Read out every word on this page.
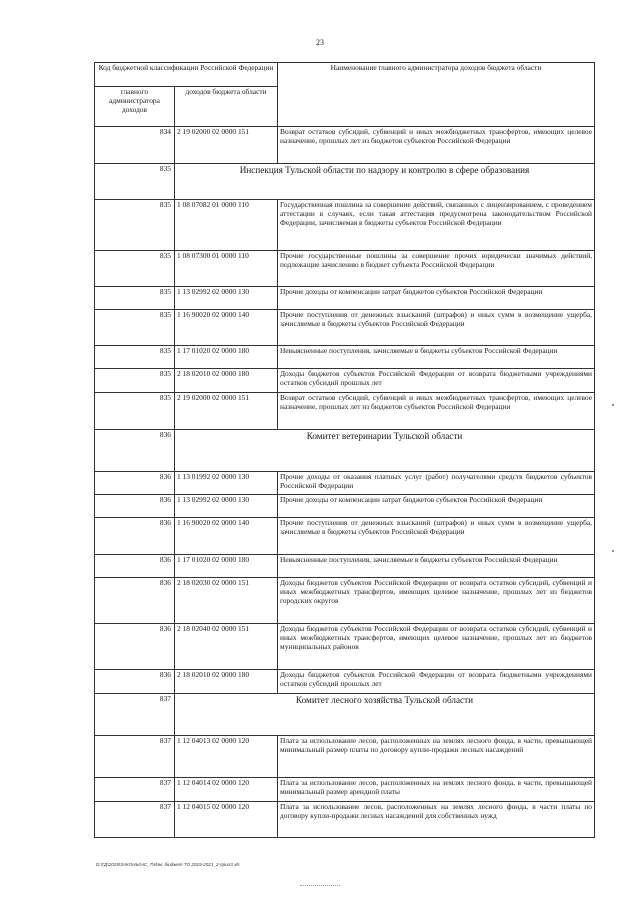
23
Код бюджетной классификации Российской Федерации		Наименование главного администратора доходов бюджета области
главного администратора доходов	доходов бюджета области	
834	2 19 02000 02 0000 151	Возврат остатков субсидий, субвенций и иных межбюджетных трансфертов, имеющих целевое назначение, прошлых лет из бюджетов субъектов Российской Федерации
835	Инспекция Тульской области по надзору и контролю в сфере образования	
835	1 08 07082 01 0000 110	Государственная пошлина за совершение действий, связанных с лицензированием, с проведением аттестации в случаях, если такая аттестация предусмотрена законодательством Российской Федерации, зачисляемая в бюджеты субъектов Российской Федерации
835	1 08 07300 01 0000 110	Прочие государственные пошлины за совершение прочих юридически значимых действий, подлежащие зачислению в бюджет субъекта Российской Федерации
835	1 13 02992 02 0000 130	Прочие доходы от компенсации затрат бюджетов субъектов Российской Федерации
835	1 16 90020 02 0000 140	Прочие поступления от денежных взысканий (штрафов) и иных сумм в возмещение ущерба, зачисляемые в бюджеты субъектов Российской Федерации
835	1 17 01020 02 0000 180	Невыясненные поступления, зачисляемые в бюджеты субъектов Российской Федерации
835	2 18 02010 02 0000 180	Доходы бюджетов субъектов Российской Федерации от возврата бюджетными учреждениями остатков субсидий прошлых лет
835	2 19 02000 02 0000 151	Возврат остатков субсидий, субвенций и иных межбюджетных трансфертов, имеющих целевое назначение, прошлых лет из бюджетов субъектов Российской Федерации
836	Комитет ветеринарии Тульской области	
836	1 13 01992 02 0000 130	Прочие доходы от оказания платных услуг (работ) получателями средств бюджетов субъектов Российской Федерации
836	1 13 02992 02 0000 130	Прочие доходы от компенсации затрат бюджетов субъектов Российской Федерации
836	1 16 90020 02 0000 140	Прочие поступления от денежных взысканий (штрафов) и иных сумм в возмещение ущерба, зачисляемые в бюджеты субъектов Российской Федерации
836	1 17 01020 02 0000 180	Невыясненные поступления, зачисляемые в бюджеты субъектов Российской Федерации
836	2 18 02030 02 0000 151	Доходы бюджетов субъектов Российской Федерации от возврата остатков субсидий, субвенций и иных межбюджетных трансфертов, имеющих целевое назначение, прошлых лет из бюджетов городских округов
836	2 18 02040 02 0000 151	Доходы бюджетов субъектов Российской Федерации от возврата остатков субсидий, субвенций и иных межбюджетных трансфертов, имеющих целевое назначение, прошлых лет из бюджетов муниципальных районов
836	2 18 02010 02 0000 180	Доходы бюджетов субъектов Российской Федерации от возврата бюджетными учреждениями остатков субсидий прошлых лет
837	Комитет лесного хозяйства Тульской области	
837	1 12 04013 02 0000 120	Плата за использование лесов, расположенных на землях лесного фонда, в части, превышающей минимальный размер платы по договору купли-продажи лесных насаждений
837	1 12 04014 02 0000 120	Плата за использование лесов, расположенных на землях лесного фонда, в части, превышающей минимальный размер арендной платы
837	1 12 04015 02 0000 120	Плата за использование лесов, расположенных на землях лесного фонда, в части платы по договору купли-продажи лесных насаждений для собственных нужд
D:\ГД\2019\ЗАКОНЫ\АС_7\Изм. бюджет ТО 2019-2021_2-прил3.xls
